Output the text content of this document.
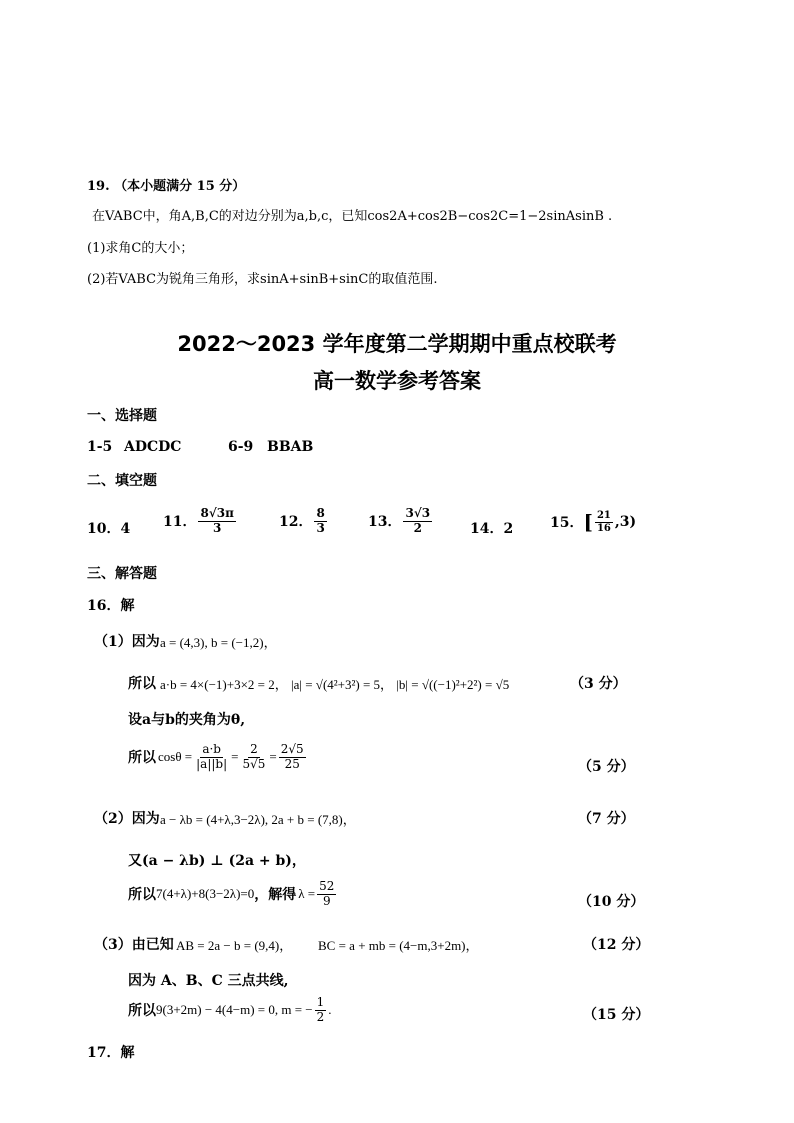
19. （本小题满分 15 分）
在VABC中，角A,B,C的对边分别为a,b,c，已知cos2A+cos2B−cos2C=1−2sinAsinB .
(1)求角C的大小；
(2)若VABC为锐角三角形，求sinA+sinB+sinC的取值范围.
2022～2023 学年度第二学期期中重点校联考
高一数学参考答案
一、选择题
1-5 ADCDC	6-9 BBAB
二、填空题
10．4 11． $\frac{8√3\pi}{3}$	12． $\frac{8}{3}$	13． $\frac{3√3}{2}$	14．2	15． [ $\frac{21}{16} ,3$)
三、解答题
16．解
（1）因为 a = (4,3), b = (−1,2)，
所以 a·b = 4×(−1)+3×2 = 2， |a| = √(4²+3²) = 5， |b| = √((−1)²+2²) = √5	（3 分）
设a与b的夹角为θ,
所以 $\cos\theta = \frac{a\cdot b}{|a||b|} = \frac{2}{5√5} = \frac{2√5}{25}$	（5 分）
（2）因为 a − λb = (4+λ,3−2λ), 2a + b = (7,8)，	（7 分）
又(a − λb) ⊥ (2a + b)，
所以 7(4+λ)+8(3−2λ)=0 ，解得 $\lambda = \frac{52}{9}$	（10 分）
（3）由已知 AB = 2a − b = (9,4)， BC = a + mb = (4−m,3+2m)，	（12 分）
因为 A、B、C 三点共线,
所以 9(3+2m) − 4(4−m) = 0, m = − $\frac{1}{2}$ .	（15 分）
17．解
